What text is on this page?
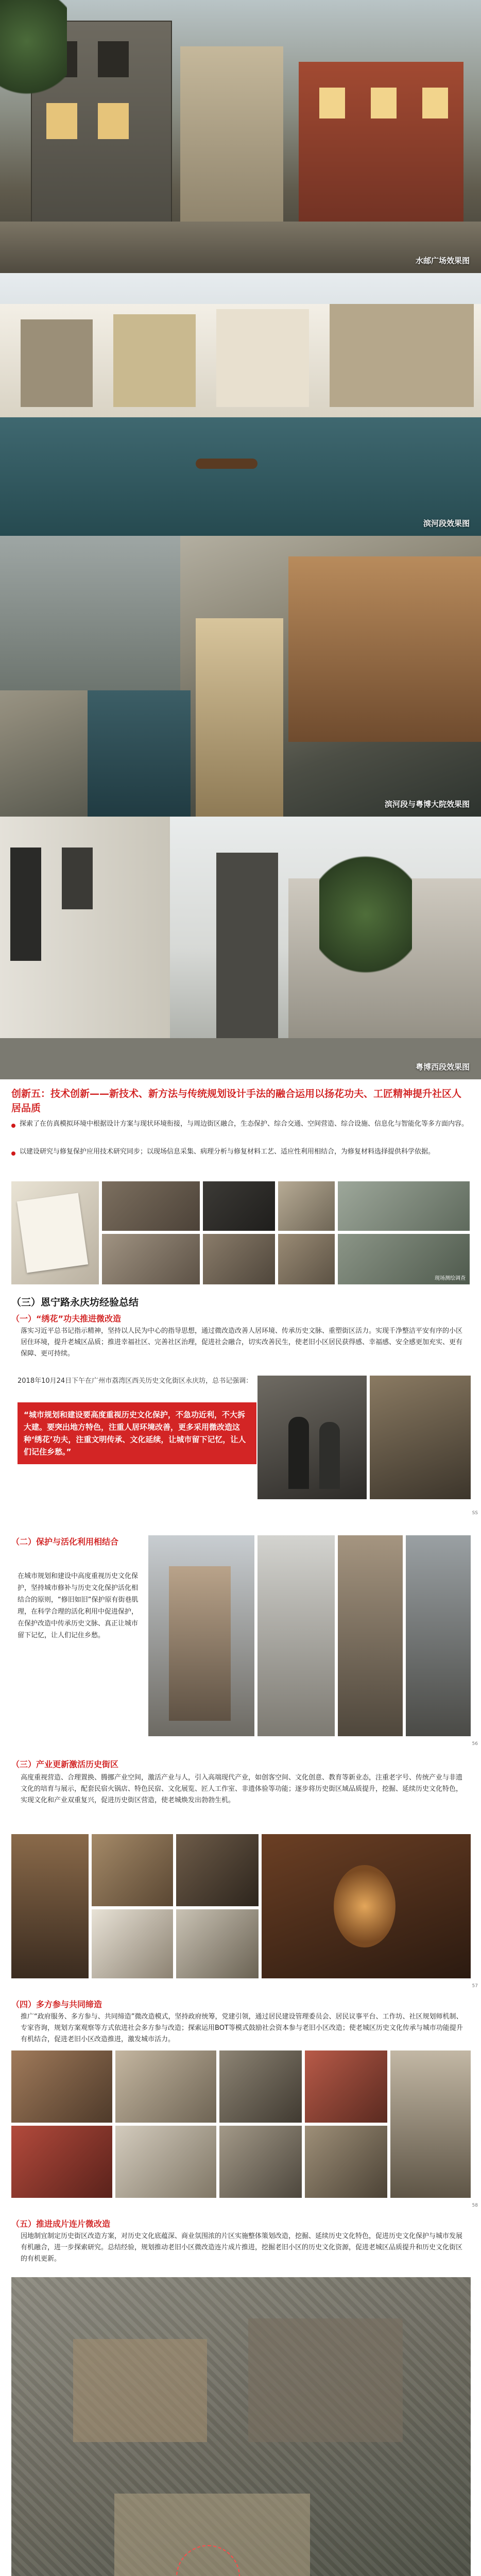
水邮广场效果图
滨河段效果图
滨河段与粤博大院效果图
粤博西段效果图
创新五：技术创新——新技术、新方法与传统规划设计手法的融合运用以扬花功夫、工匠精神提升社区人居品质
探索了在仿真模拟环境中根据设计方案与现状环境衔接，与周边街区融合，生态保护、综合交通、空间营造、综合设施、信息化与智能化等多方面内容。
以建设研究与修复保护应用技术研究同步；以现场信息采集、病理分析与修复材料工艺、适应性利用相结合，为修复材料选择提供科学依据。
现场测绘调查
（三）恩宁路永庆坊经验总结
（一）“绣花”功夫推进微改造
落实习近平总书记指示精神，坚持以人民为中心的指导思想，通过微改造改善人居环境、传承历史文脉、重塑街区活力。实现千净整洁平安有序的小区居住环境，提升老城区品质；推进幸福社区、完善社区治理，促进社会融合，切实改善民生，使老旧小区居民获得感、幸福感、安全感更加充实、更有保障、更可持续。
2018年10月24日下午在广州市荔湾区西关历史文化街区永庆坊，总书记强调：
“城市规划和建设要高度重视历史文化保护，不急功近利，不大拆大建。要突出地方特色，注重人居环境改善，更多采用微改造这种‘绣花’功夫，注重文明传承、文化延续，让城市留下记忆，让人们记住乡愁。”
SS
（二）保护与活化利用相结合
在城市规划和建设中高度重视历史文化保护，坚持城市修补与历史文化保护活化相结合的原则，“修旧如旧”保护原有街巷肌理，在科学合理的活化利用中促进保护，在保护改造中传承历史文脉、真正让城市留下记忆，让人们记住乡愁。
56
（三）产业更新激活历史街区
高度重视营造、合理置换、腾挪产业空间，激活产业与人，引入高端现代产业，如创客空间、文化创意、教育等新业态，注重老字号、传统产业与非遗文化的培育与展示，配套民宿火锅店、特色民宿、文化展览、匠人工作室、非遗体验等功能；逐步将历史街区域品质提升，挖掘、延续历史文化特色，实现文化和产业双重复兴，促进历史街区营造，使老城焕发出勃勃生机。
57
（四）多方参与共同缔造
推广“政府服务、多方参与、共同缔造”微改造模式，坚持政府统筹，党建引领，通过居民建设管理委员会、居民议事平台、工作坊、社区规划师机制、专家咨询，规划方案观察等方式依进社会多方参与改造；探索运用BOT等模式鼓励社会资本参与老旧小区改造；使老城区历史文化传承与城市功能提升有机结合，促进老旧小区改造推进，激发城市活力。
58
（五）推进成片连片微改造
因地制宜制定历史街区改造方案，对历史文化底蕴深、商业氛围浓的片区实施整体策划改造，挖掘、延续历史文化特色，促进历史文化保护与城市发展有机融合，进一步探索研究。总结经验，规划推动老旧小区微改造连片成片推进，挖掘老旧小区的历史文化资源，促进老城区品质提升和历史文化街区的有机更新。
